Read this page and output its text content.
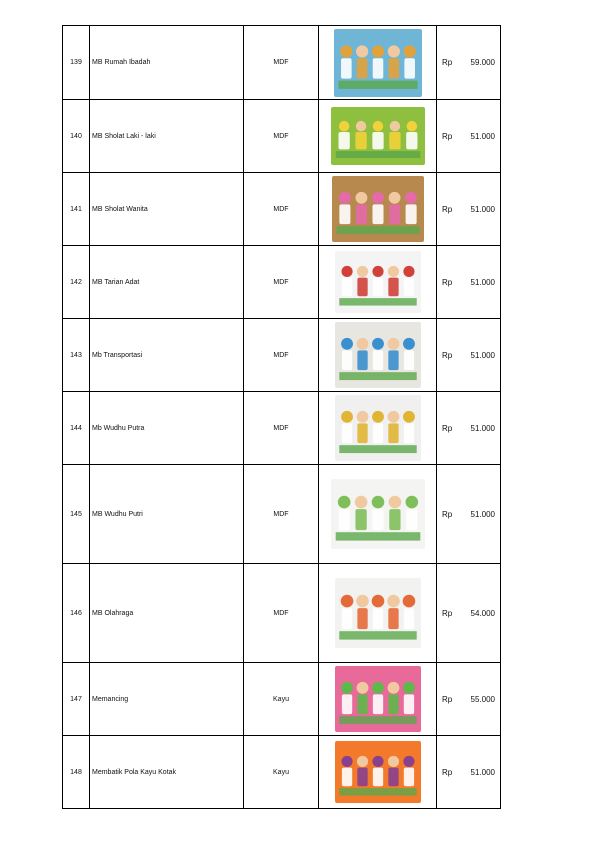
139	MB Rumah Ibadah	MDF		Rp 59.000

140	MB Sholat Laki - laki	MDF		Rp 51.000

141	MB Sholat Wanita	MDF		Rp 51.000

142	MB Tarian Adat	MDF		Rp 51.000

143	Mb Transportasi	MDF		Rp 51.000

144	Mb Wudhu Putra	MDF		Rp 51.000

145	MB Wudhu Putri	MDF		Rp 51.000

146	MB Olahraga	MDF		Rp 54.000

147	Memancing	Kayu		Rp 55.000

148	Membatik Pola Kayu Kotak	Kayu		Rp 51.000
